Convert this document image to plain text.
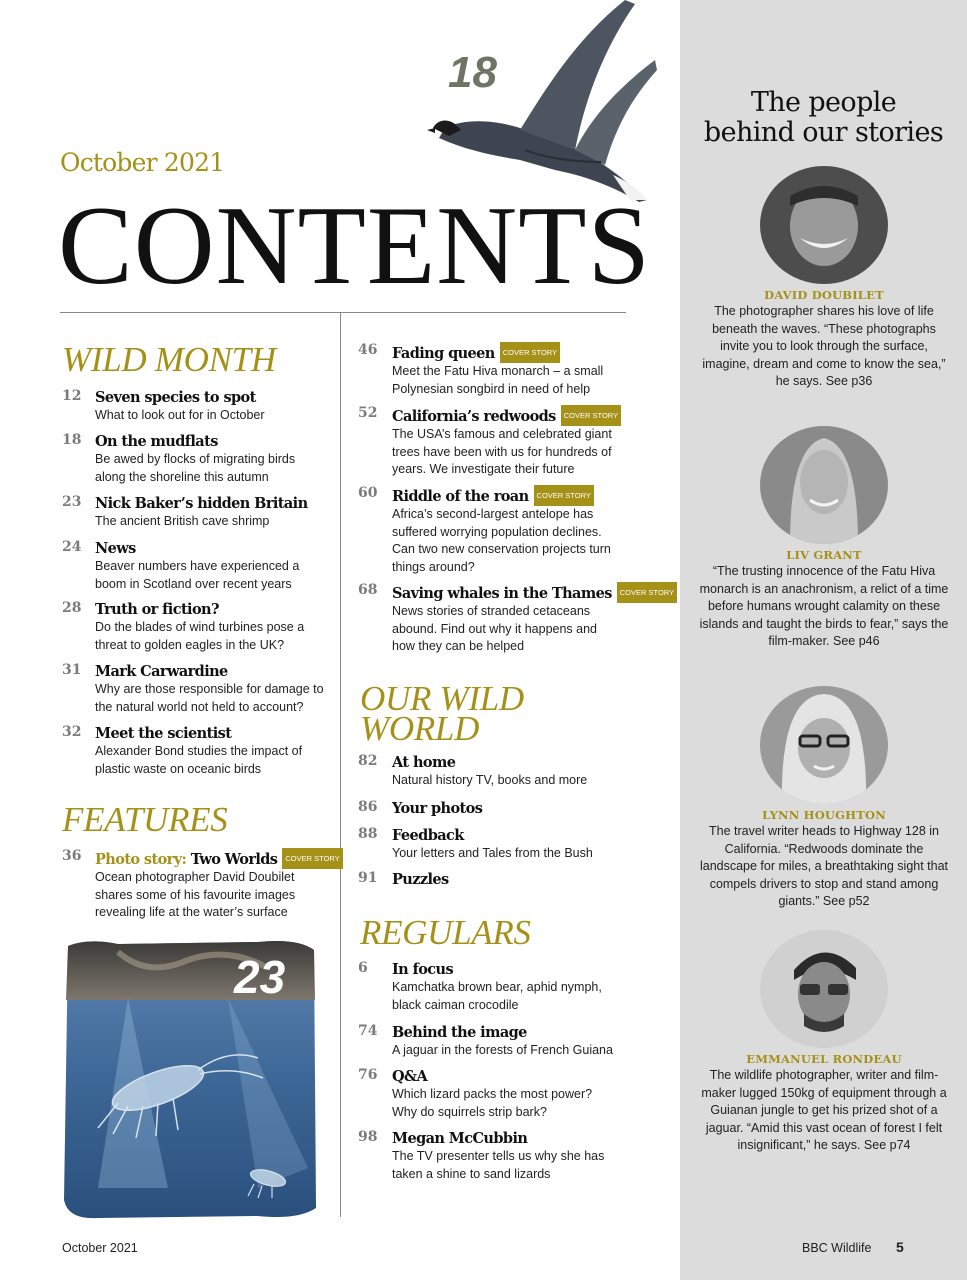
18
October 2021
CONTENTS
WILD MONTH
12 Seven species to spot
What to look out for in October
18 On the mudflats
Be awed by flocks of migrating birds along the shoreline this autumn
23 Nick Baker’s hidden Britain
The ancient British cave shrimp
24 News
Beaver numbers have experienced a boom in Scotland over recent years
28 Truth or fiction?
Do the blades of wind turbines pose a threat to golden eagles in the UK?
31 Mark Carwardine
Why are those responsible for damage to the natural world not held to account?
32 Meet the scientist
Alexander Bond studies the impact of plastic waste on oceanic birds
FEATURES
36 Photo story: Two Worlds COVER STORY
Ocean photographer David Doubilet shares some of his favourite images revealing life at the water’s surface
46 Fading queen COVER STORY
Meet the Fatu Hiva monarch – a small Polynesian songbird in need of help
52 California’s redwoods COVER STORY
The USA’s famous and celebrated giant trees have been with us for hundreds of years. We investigate their future
60 Riddle of the roan COVER STORY
Africa’s second-largest antelope has suffered worrying population declines. Can two new conservation projects turn things around?
68 Saving whales in the Thames COVER STORY
News stories of stranded cetaceans abound. Find out why it happens and how they can be helped
OUR WILD WORLD
82 At home
Natural history TV, books and more
86 Your photos
88 Feedback
Your letters and Tales from the Bush
91 Puzzles
REGULARS
6 In focus
Kamchatka brown bear, aphid nymph, black caiman crocodile
74 Behind the image
A jaguar in the forests of French Guiana
76 Q&A
Which lizard packs the most power? Why do squirrels strip bark?
98 Megan McCubbin
The TV presenter tells us why she has taken a shine to sand lizards
23
The people
behind our stories
DAVID DOUBILET
The photographer shares his love of life beneath the waves. “These photographs invite you to look through the surface, imagine, dream and come to know the sea,” he says. See p36
LIV GRANT
“The trusting innocence of the Fatu Hiva monarch is an anachronism, a relict of a time before humans wrought calamity on these islands and taught the birds to fear,” says the film-maker. See p46
LYNN HOUGHTON
The travel writer heads to Highway 128 in California. “Redwoods dominate the landscape for miles, a breathtaking sight that compels drivers to stop and stand among giants.” See p52
EMMANUEL RONDEAU
The wildlife photographer, writer and film-maker lugged 150kg of equipment through a Guianan jungle to get his prized shot of a jaguar. “Amid this vast ocean of forest I felt insignificant,” he says. See p74
October 2021	BBC Wildlife 5
